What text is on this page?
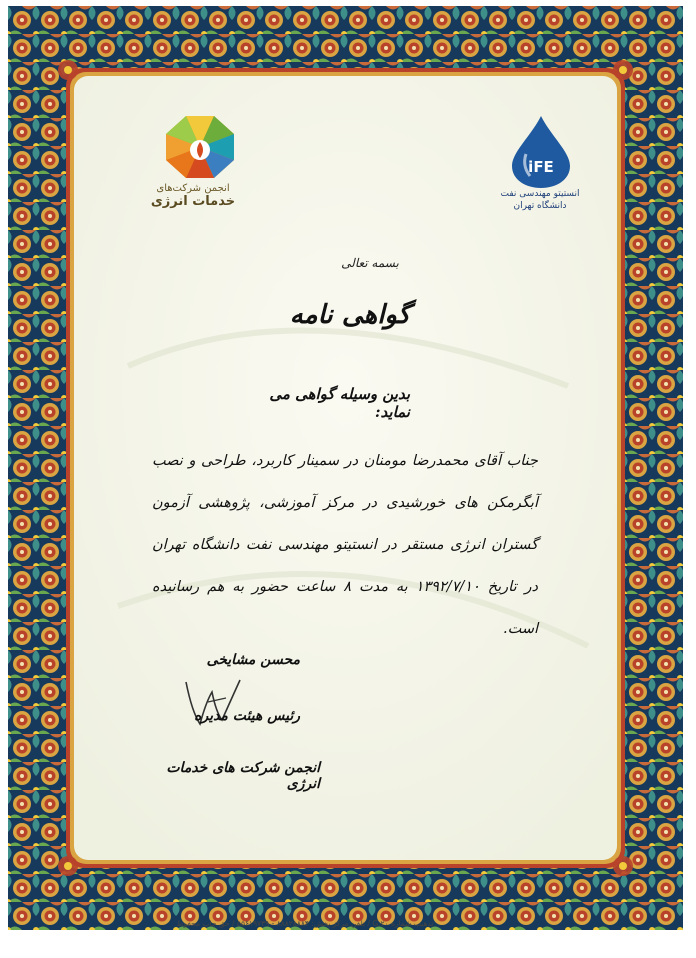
انجمن شرکت‌های
خدمات انرژی
iFE
انستیتو مهندسی نفت
دانشگاه تهران
بسمه تعالی
گواهی نامه
بدین وسیله گواهی می نماید:
جناب آقای محمدرضا مومنان در سمینار کاربرد، طراحی و نصب آبگرمکن های خورشیدی در مرکز آموزشی، پژوهشی آزمون گستران انرژی مستقر در انستیتو مهندسی نفت دانشگاه تهران در تاریخ ۱۳۹۲/۷/۱۰ به مدت ۸ ساعت حضور به هم رسانیده است.
محسن مشایخی
رئیس هیئت مدیره
انجمن شرکت های خدمات انرژی
تذهیب شماره G.۲۰ / تلفن مرکز پخش: ۸۸۸۲۸۸۸۴ - ۵۵۶۱۹۷۳۹ / حق چاپ محفوظ
